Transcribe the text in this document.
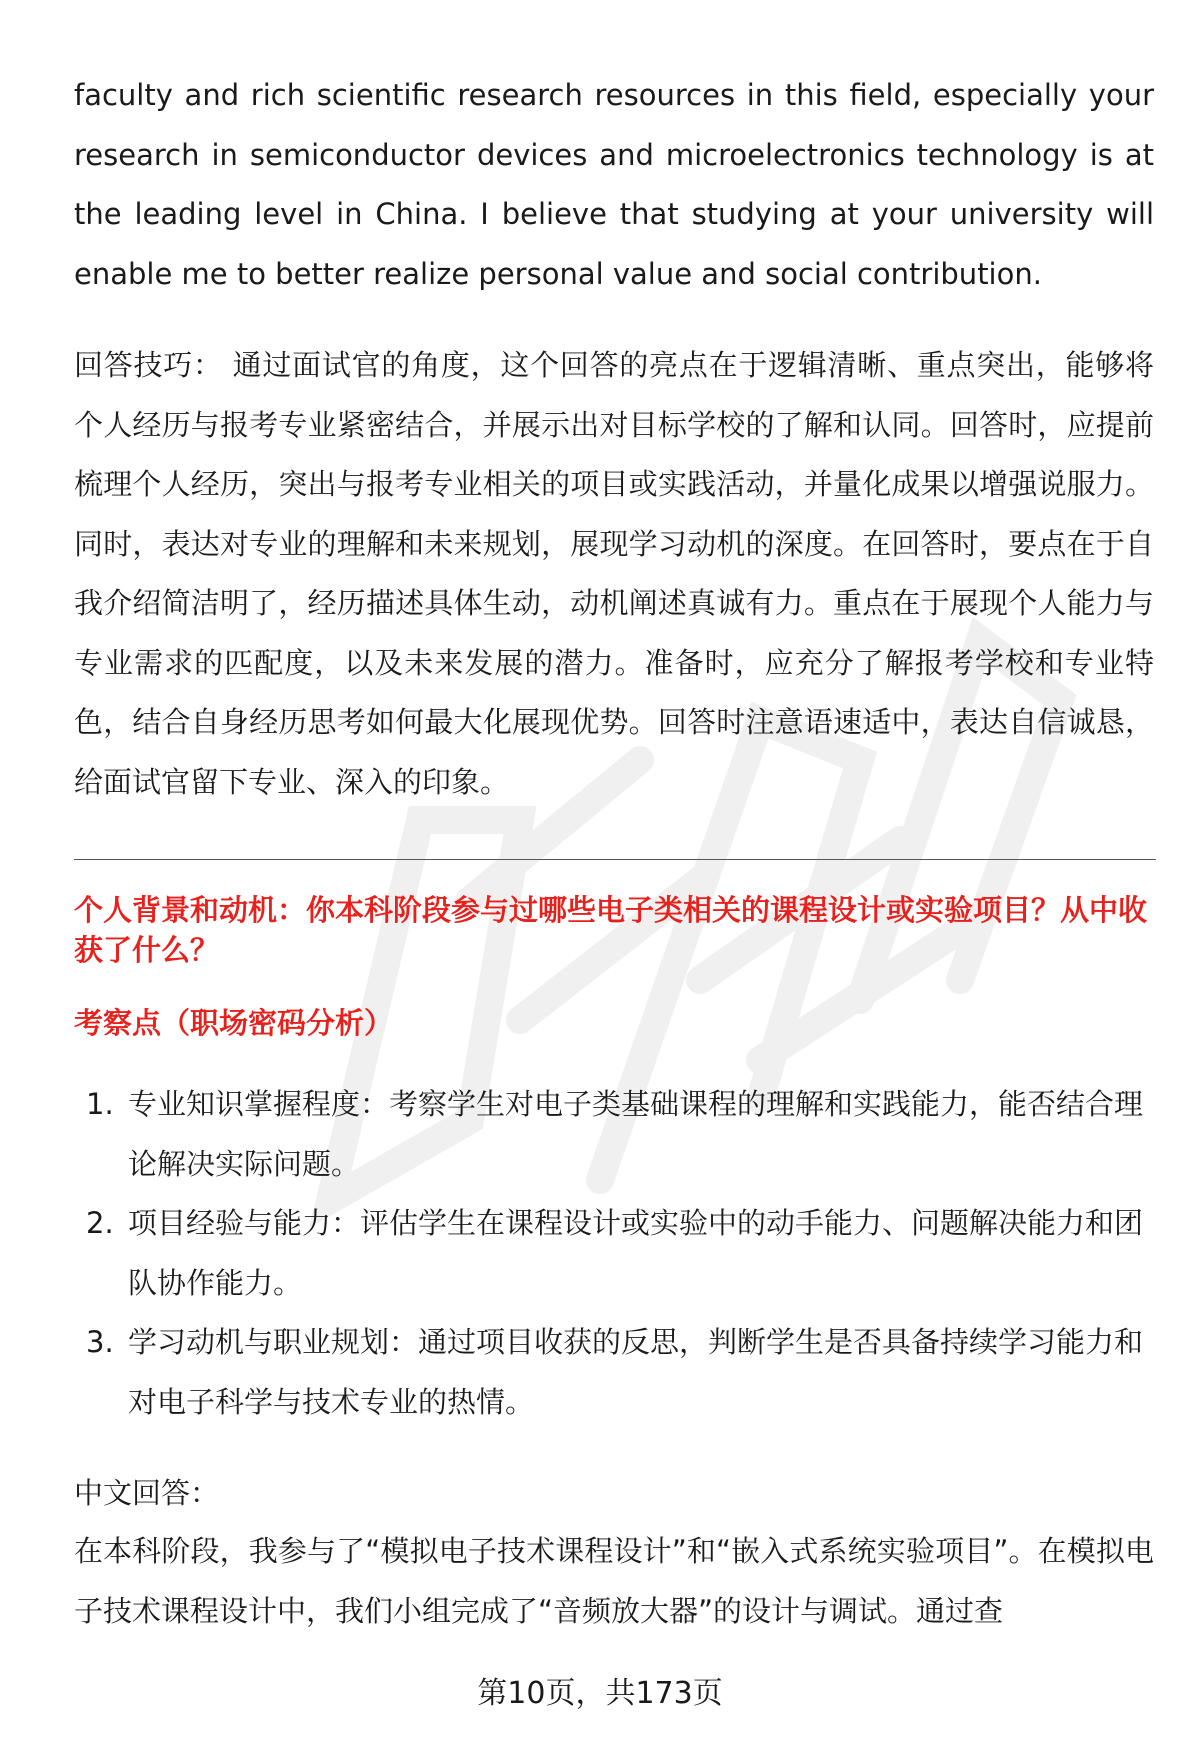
faculty and rich scientific research resources in this field, especially your research in semiconductor devices and microelectronics technology is at the leading level in China. I believe that studying at your university will enable me to better realize personal value and social contribution.

回答技巧： 通过面试官的角度，这个回答的亮点在于逻辑清晰、重点突出，能够将个人经历与报考专业紧密结合，并展示出对目标学校的了解和认同。回答时，应提前梳理个人经历，突出与报考专业相关的项目或实践活动，并量化成果以增强说服力。同时，表达对专业的理解和未来规划，展现学习动机的深度。在回答时，要点在于自我介绍简洁明了，经历描述具体生动，动机阐述真诚有力。重点在于展现个人能力与专业需求的匹配度，以及未来发展的潜力。准备时，应充分了解报考学校和专业特色，结合自身经历思考如何最大化展现优势。回答时注意语速适中，表达自信诚恳，给面试官留下专业、深入的印象。

个人背景和动机：你本科阶段参与过哪些电子类相关的课程设计或实验项目？从中收获了什么？

考察点（职场密码分析）

1. 专业知识掌握程度：考察学生对电子类基础课程的理解和实践能力，能否结合理论解决实际问题。
2. 项目经验与能力：评估学生在课程设计或实验中的动手能力、问题解决能力和团队协作能力。
3. 学习动机与职业规划：通过项目收获的反思，判断学生是否具备持续学习能力和对电子科学与技术专业的热情。

中文回答：

在本科阶段，我参与了“模拟电子技术课程设计”和“嵌入式系统实验项目”。在模拟电子技术课程设计中，我们小组完成了“音频放大器”的设计与调试。通过查

第10页，共173页
